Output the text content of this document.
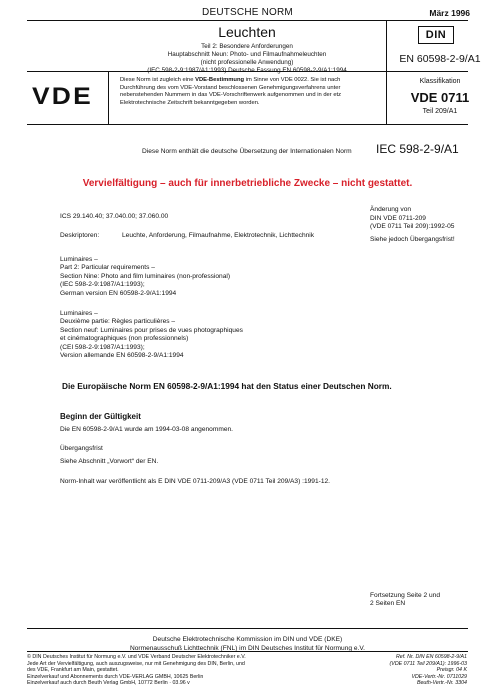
DEUTSCHE NORM	März 1996
Leuchten
Teil 2: Besondere Anforderungen
Hauptabschnitt Neun: Photo- und Filmaufnahmeleuchten
(nicht professionelle Anwendung)
(IEC 598-2-9:1987/A1:1993) Deutsche Fassung EN 60598-2-9/A1:1994
DIN
EN 60598-2-9/A1
VDE
Diese Norm ist zugleich eine VDE-Bestimmung im Sinne von VDE 0022. Sie ist nach
Durchführung des vom VDE-Vorstand beschlossenen Genehmigungsverfahrens unter
nebenstehenden Nummern in das VDE-Vorschriftenwerk aufgenommen und in der etz
Elektrotechnische Zeitschrift bekanntgegeben worden.
Klassifikation
VDE 0711
Teil 209/A1
Diese Norm enthält die deutsche Übersetzung der Internationalen Norm IEC 598-2-9/A1
Vervielfältigung – auch für innerbetriebliche Zwecke – nicht gestattet.
ICS 29.140.40; 37.040.00; 37.060.00
Deskriptoren:	Leuchte, Anforderung, Filmaufnahme, Elektrotechnik, Lichttechnik
Änderung von
DIN VDE 0711-209
(VDE 0711 Teil 209):1992-05
Siehe jedoch Übergangsfrist!
Luminaires –
Part 2: Particular requirements –
Section Nine: Photo and film luminaires (non-professional)
(IEC 598-2-9:1987/A1:1993);
German version EN 60598-2-9/A1:1994
Luminaires –
Deuxième partie: Règles particulières –
Section neuf: Luminaires pour prises de vues photographiques
et cinématographiques (non professionnels)
(CEI 598-2-9:1987/A1:1993);
Version allemande EN 60598-2-9/A1:1994
Die Europäische Norm EN 60598-2-9/A1:1994 hat den Status einer Deutschen Norm.
Beginn der Gültigkeit
Die EN 60598-2-9/A1 wurde am 1994-03-08 angenommen.
Übergangsfrist
Siehe Abschnitt „Vorwort“ der EN.
Norm-Inhalt war veröffentlicht als E DIN VDE 0711-209/A3 (VDE 0711 Teil 209/A3) :1991-12.
Fortsetzung Seite 2 und
2 Seiten EN
Deutsche Elektrotechnische Kommission im DIN und VDE (DKE)
Normenausschuß Lichttechnik (FNL) im DIN Deutsches Institut für Normung e.V.
© DIN Deutsches Institut für Normung e.V. und VDE Verband Deutscher Elektrotechniker e.V.
Jede Art der Vervielfältigung, auch auszugsweise, nur mit Genehmigung des DIN, Berlin, und
des VDE, Frankfurt am Main, gestattet.
Einzelverkauf und Abonnements durch VDE-VERLAG GMBH, 10625 Berlin
Einzelverkauf auch durch Beuth Verlag GmbH, 10772 Berlin · 03.96 v
Ref. Nr. DIN EN 60598-2-9/A1
(VDE 0711 Teil 209/A1): 1996-03
Preisgr. 04 K
VDE-Vertr.-Nr. 0711029
Beuth-Vertr.-Nr. 3304
